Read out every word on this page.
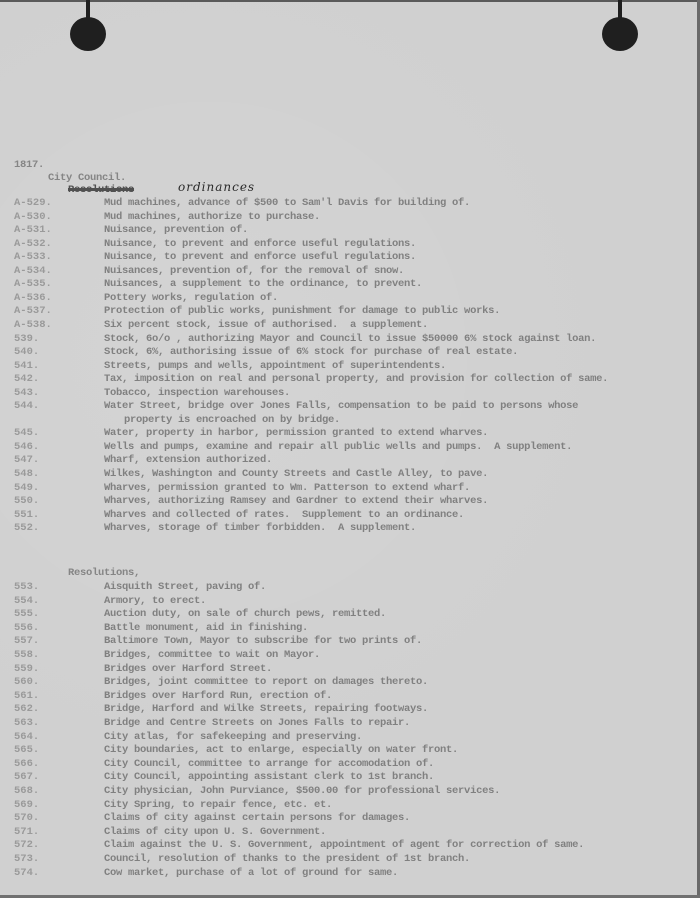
1817.
City Council.
Resolutions	ordinances
A-529.	Mud machines, advance of $500 to Sam'l Davis for building of.
A-530.	Mud machines, authorize to purchase.
A-531.	Nuisance, prevention of.
A-532.	Nuisance, to prevent and enforce useful regulations.
A-533.	Nuisance, to prevent and enforce useful regulations.
A-534.	Nuisances, prevention of, for the removal of snow.
A-535.	Nuisances, a supplement to the ordinance, to prevent.
A-536.	Pottery works, regulation of.
A-537.	Protection of public works, punishment for damage to public works.
A-538.	Six percent stock, issue of authorised.  a supplement.
539.	Stock, 6o/o , authorizing Mayor and Council to issue $50000 6% stock against loan.
540.	Stock, 6%, authorising issue of 6% stock for purchase of real estate.
541.	Streets, pumps and wells, appointment of superintendents.
542.	Tax, imposition on real and personal property, and provision for collection of same.
543.	Tobacco, inspection warehouses.
544.	Water Street, bridge over Jones Falls, compensation to be paid to persons whose
property is encroached on by bridge.
545.	Water, property in harbor, permission granted to extend wharves.
546.	Wells and pumps, examine and repair all public wells and pumps.  A supplement.
547.	Wharf, extension authorized.
548.	Wilkes, Washington and County Streets and Castle Alley, to pave.
549.	Wharves, permission granted to Wm. Patterson to extend wharf.
550.	Wharves, authorizing Ramsey and Gardner to extend their wharves.
551.	Wharves and collected of rates.  Supplement to an ordinance.
552.	Wharves, storage of timber forbidden.  A supplement.
Resolutions,
553.	Aisquith Street, paving of.
554.	Armory, to erect.
555.	Auction duty, on sale of church pews, remitted.
556.	Battle monument, aid in finishing.
557.	Baltimore Town, Mayor to subscribe for two prints of.
558.	Bridges, committee to wait on Mayor.
559.	Bridges over Harford Street.
560.	Bridges, joint committee to report on damages thereto.
561.	Bridges over Harford Run, erection of.
562.	Bridge, Harford and Wilke Streets, repairing footways.
563.	Bridge and Centre Streets on Jones Falls to repair.
564.	City atlas, for safekeeping and preserving.
565.	City boundaries, act to enlarge, especially on water front.
566.	City Council, committee to arrange for accomodation of.
567.	City Council, appointing assistant clerk to 1st branch.
568.	City physician, John Purviance, $500.00 for professional services.
569.	City Spring, to repair fence, etc. et.
570.	Claims of city against certain persons for damages.
571.	Claims of city upon U. S. Government.
572.	Claim against the U. S. Government, appointment of agent for correction of same.
573.	Council, resolution of thanks to the president of 1st branch.
574.	Cow market, purchase of a lot of ground for same.
